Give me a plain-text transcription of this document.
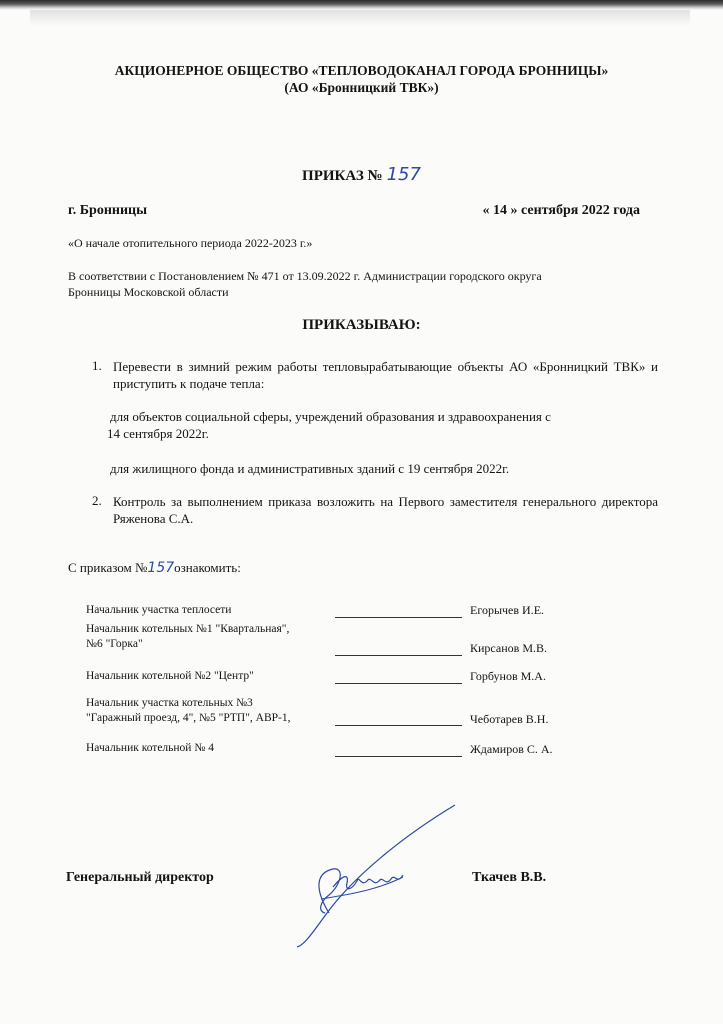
АКЦИОНЕРНОЕ ОБЩЕСТВО «ТЕПЛОВОДОКАНАЛ ГОРОДА БРОННИЦЫ»
(АО «Бронницкий ТВК»)
ПРИКАЗ № 157
г. Бронницы	« 14 » сентября 2022 года
«О начале отопительного периода 2022-2023 г.»
В соответствии с Постановлением № 471 от 13.09.2022 г. Администрации городского округа
Бронницы Московской области
ПРИКАЗЫВАЮ:
1. Перевести в зимний режим работы тепловырабатывающие объекты АО «Бронницкий ТВК» и приступить к подаче тепла:
для объектов социальной сферы, учреждений образования и здравоохранения с
14 сентября 2022г.
для жилищного фонда и административных зданий с 19 сентября 2022г.
2. Контроль за выполнением приказа возложить на Первого заместителя генерального директора Ряженова С.А.
С приказом №157ознакомить:
Начальник участка теплосети	Егорычев И.Е.
Начальник котельных №1 "Квартальная",
№6 "Горка"	Кирсанов М.В.
Начальник котельной №2 "Центр"	Горбунов М.А.
Начальник участка котельных №3
"Гаражный проезд, 4", №5 "РТП", АВР-1,	Чеботарев В.Н.
Начальник котельной № 4	Ждамиров С. А.
Генеральный директор	Ткачев В.В.
